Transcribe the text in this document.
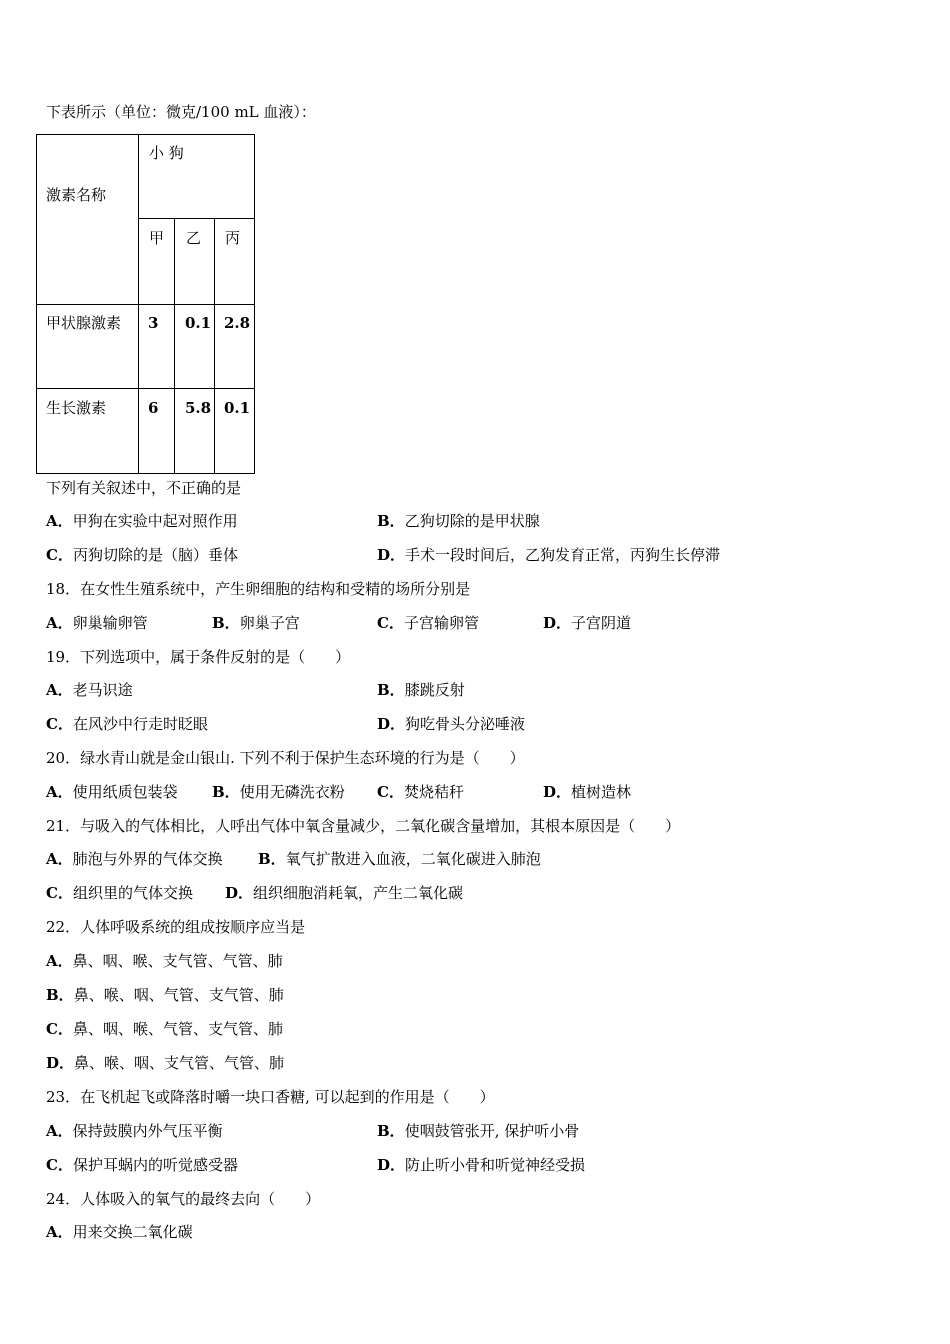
下表所示（单位：微克/100 mL 血液）：
激素名称
小 狗
甲 乙 丙
甲状腺激素 3 0.1 2.8
生长激素	6 5.8 0.1
下列有关叙述中，不正确的是
A．甲狗在实验中起对照作用	B．乙狗切除的是甲状腺
C．丙狗切除的是（脑）垂体	D．手术一段时间后，乙狗发育正常，丙狗生长停滞
18．在女性生殖系统中，产生卵细胞的结构和受精的场所分别是
A．卵巢输卵管	B．卵巢子宫	C．子宫输卵管	D．子宫阴道
19．下列选项中，属于条件反射的是（　　）
A．老马识途	B．膝跳反射
C．在风沙中行走时眨眼	D．狗吃骨头分泌唾液
20．绿水青山就是金山银山. 下列不利于保护生态环境的行为是（　　）
A．使用纸质包装袋 B．使用无磷洗衣粉 C．焚烧秸秆	D．植树造林
21．与吸入的气体相比，人呼出气体中氧含量减少，二氧化碳含量增加，其根本原因是（　　）
A．肺泡与外界的气体交换 B．氧气扩散进入血液，二氧化碳进入肺泡
C．组织里的气体交换 D．组织细胞消耗氧，产生二氧化碳
22．人体呼吸系统的组成按顺序应当是
A．鼻、咽、喉、支气管、气管、肺
B．鼻、喉、咽、气管、支气管、肺
C．鼻、咽、喉、气管、支气管、肺
D．鼻、喉、咽、支气管、气管、肺
23．在飞机起飞或降落时嚼一块口香糖, 可以起到的作用是（　　）
A．保持鼓膜内外气压平衡	B．使咽鼓管张开, 保护听小骨
C．保护耳蜗内的听觉感受器	D．防止听小骨和听觉神经受损
24．人体吸入的氧气的最终去向（　　）
A．用来交换二氧化碳
